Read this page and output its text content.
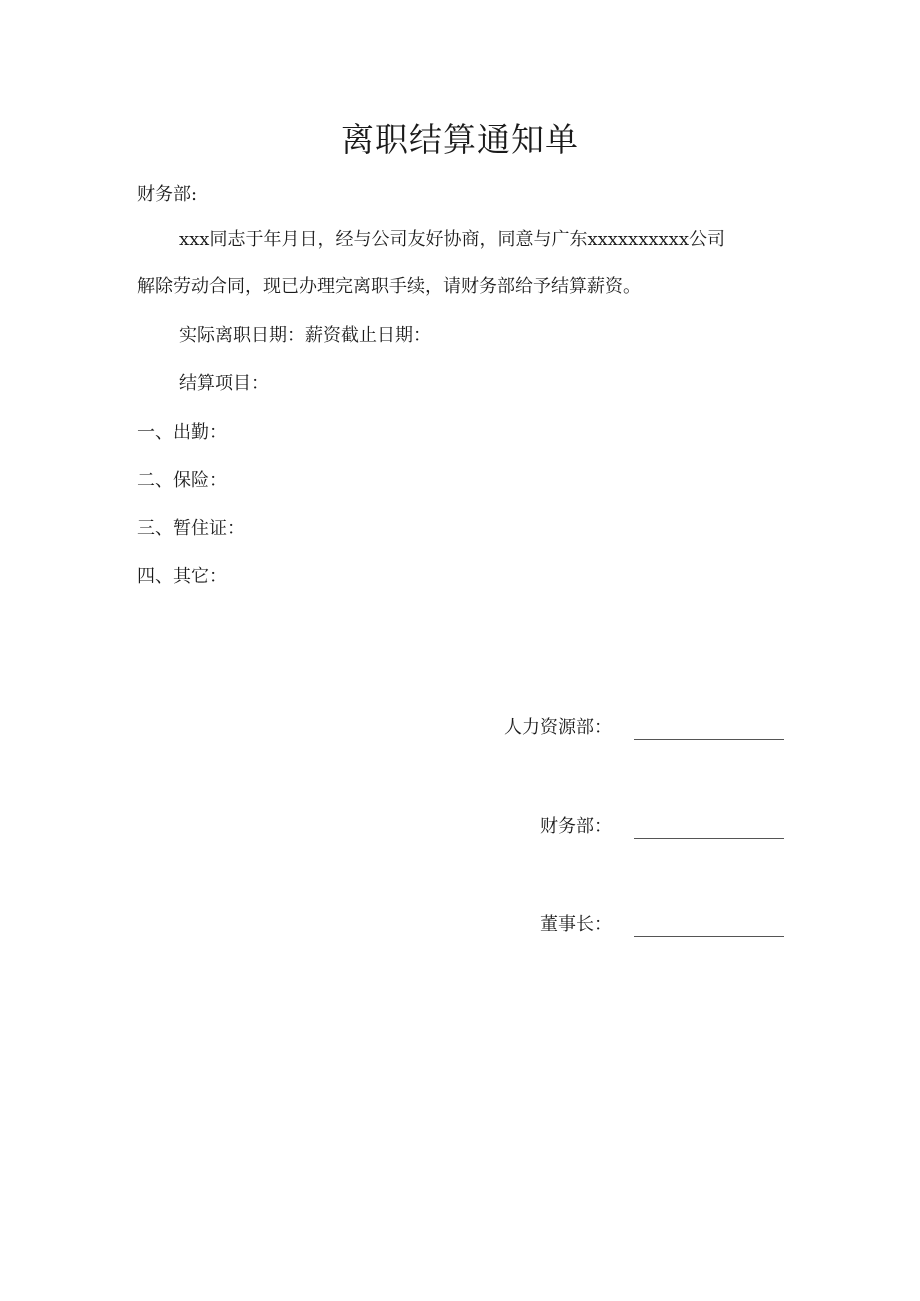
离职结算通知单
财务部:
xxx同志于年月日，经与公司友好协商，同意与广东xxxxxxxxxx公司
解除劳动合同，现已办理完离职手续，请财务部给予结算薪资。
实际离职日期：薪资截止日期：
结算项目：
一、出勤：
二、保险：
三、暂住证：
四、其它：
人力资源部：
财务部：
董事长：
